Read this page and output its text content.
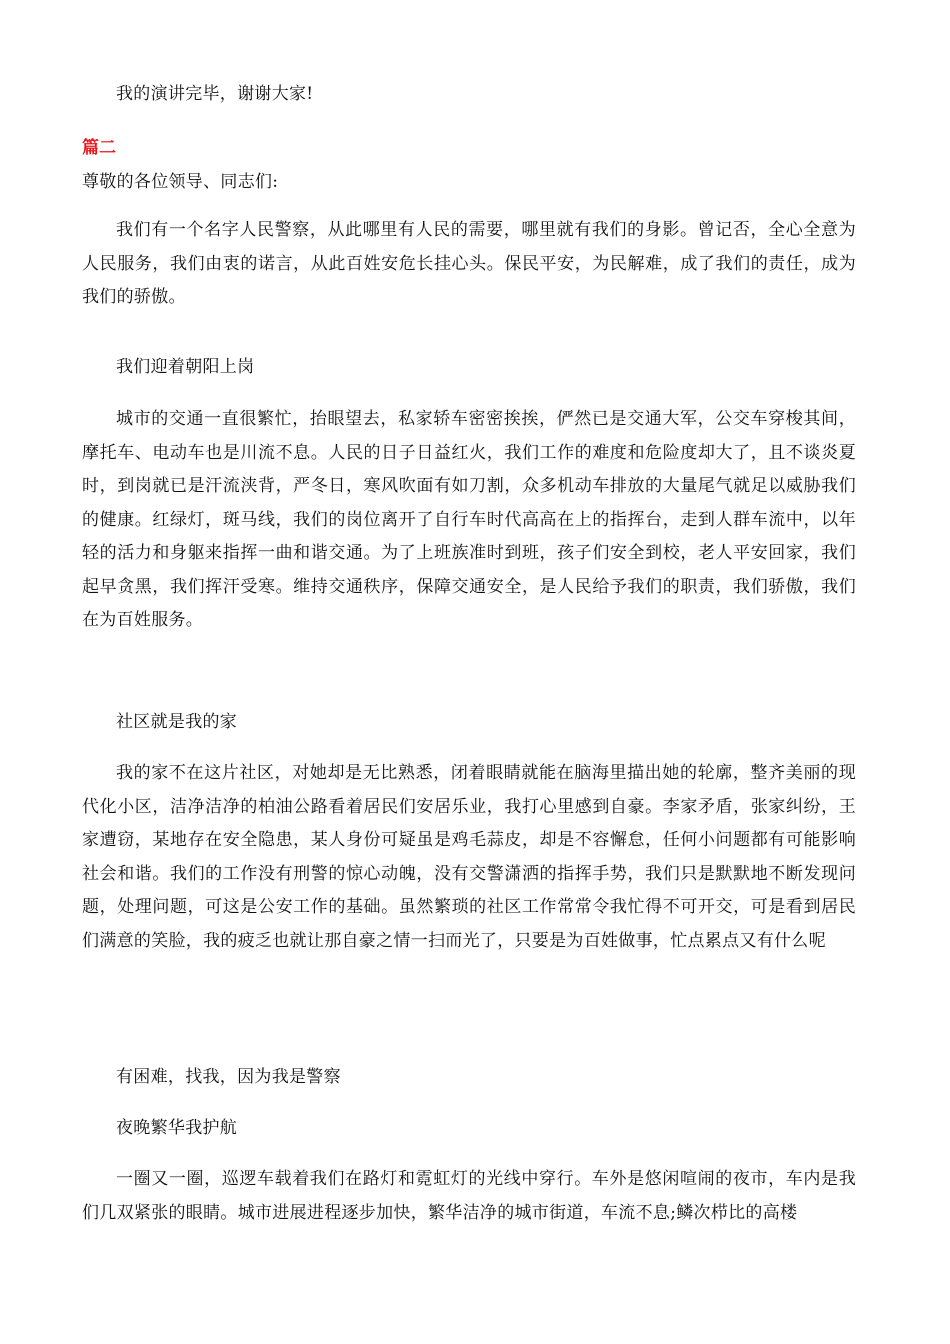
我的演讲完毕，谢谢大家!

篇二

尊敬的各位领导、同志们:

我们有一个名字人民警察，从此哪里有人民的需要，哪里就有我们的身影。曾记否，全心全意为人民服务，我们由衷的诺言，从此百姓安危长挂心头。保民平安，为民解难，成了我们的责任，成为我们的骄傲。

我们迎着朝阳上岗

城市的交通一直很繁忙，抬眼望去，私家轿车密密挨挨，俨然已是交通大军，公交车穿梭其间，摩托车、电动车也是川流不息。人民的日子日益红火，我们工作的难度和危险度却大了，且不谈炎夏时，到岗就已是汗流浃背，严冬日，寒风吹面有如刀割，众多机动车排放的大量尾气就足以威胁我们的健康。红绿灯，斑马线，我们的岗位离开了自行车时代高高在上的指挥台，走到人群车流中，以年轻的活力和身躯来指挥一曲和谐交通。为了上班族准时到班，孩子们安全到校，老人平安回家，我们起早贪黑，我们挥汗受寒。维持交通秩序，保障交通安全，是人民给予我们的职责，我们骄傲，我们在为百姓服务。

社区就是我的家

我的家不在这片社区，对她却是无比熟悉，闭着眼睛就能在脑海里描出她的轮廓，整齐美丽的现代化小区，洁净洁净的柏油公路看着居民们安居乐业，我打心里感到自豪。李家矛盾，张家纠纷，王家遭窃，某地存在安全隐患，某人身份可疑虽是鸡毛蒜皮，却是不容懈怠，任何小问题都有可能影响社会和谐。我们的工作没有刑警的惊心动魄，没有交警潇洒的指挥手势，我们只是默默地不断发现问题，处理问题，可这是公安工作的基础。虽然繁琐的社区工作常常令我忙得不可开交，可是看到居民们满意的笑脸，我的疲乏也就让那自豪之情一扫而光了，只要是为百姓做事，忙点累点又有什么呢

有困难，找我，因为我是警察

夜晚繁华我护航

一圈又一圈，巡逻车载着我们在路灯和霓虹灯的光线中穿行。车外是悠闲喧闹的夜市，车内是我们几双紧张的眼睛。城市进展进程逐步加快，繁华洁净的城市街道，车流不息;鳞次栉比的高楼
